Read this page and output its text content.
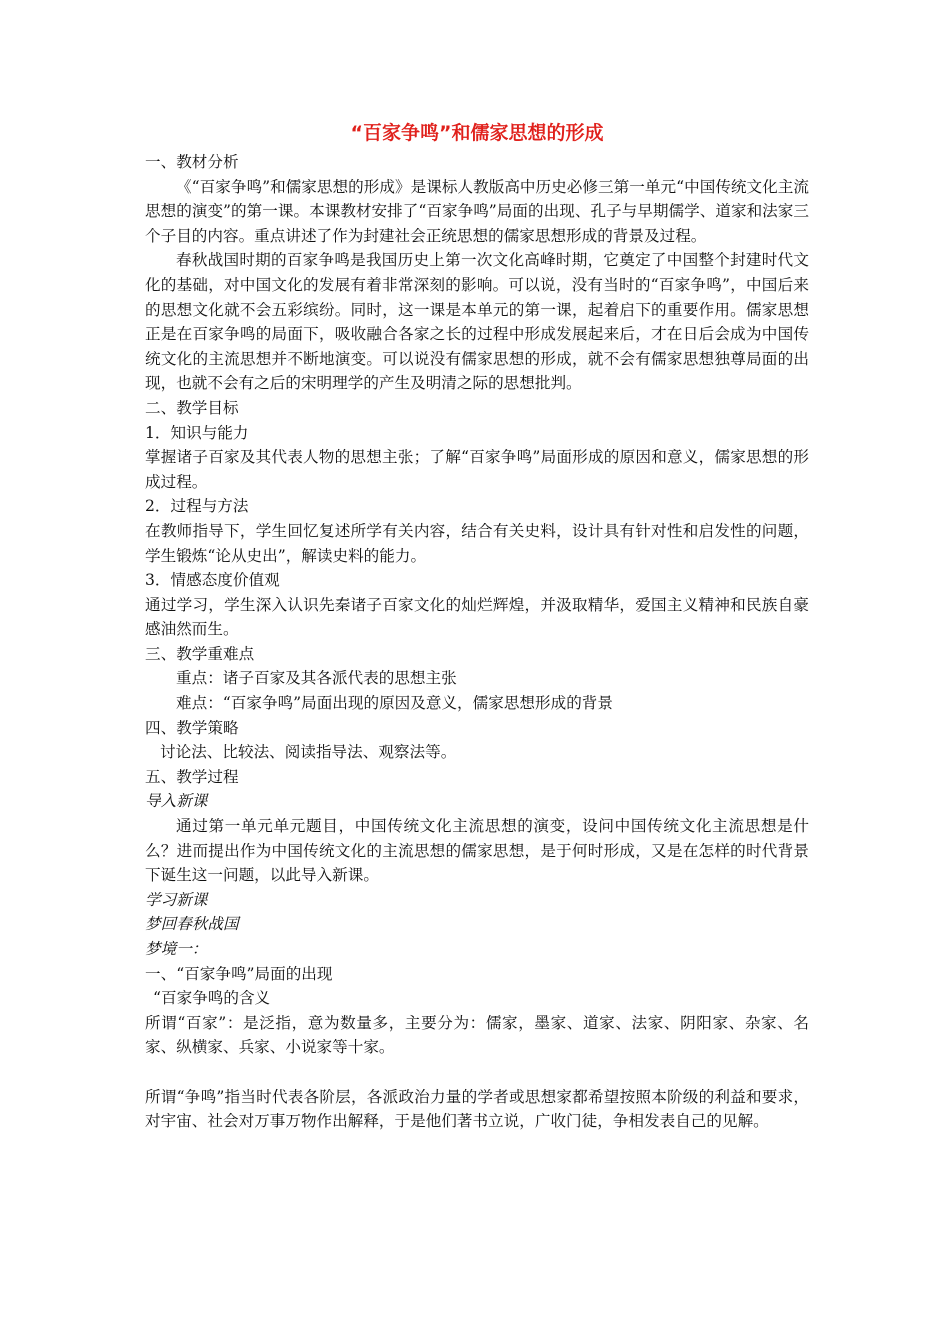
“百家争鸣”和儒家思想的形成

一、教材分析

《“百家争鸣”和儒家思想的形成》是课标人教版高中历史必修三第一单元“中国传统文化主流思想的演变”的第一课。本课教材安排了“百家争鸣”局面的出现、孔子与早期儒学、道家和法家三个子目的内容。重点讲述了作为封建社会正统思想的儒家思想形成的背景及过程。

春秋战国时期的百家争鸣是我国历史上第一次文化高峰时期，它奠定了中国整个封建时代文化的基础，对中国文化的发展有着非常深刻的影响。可以说，没有当时的“百家争鸣”，中国后来的思想文化就不会五彩缤纷。同时，这一课是本单元的第一课，起着启下的重要作用。儒家思想正是在百家争鸣的局面下，吸收融合各家之长的过程中形成发展起来后，才在日后会成为中国传统文化的主流思想并不断地演变。可以说没有儒家思想的形成，就不会有儒家思想独尊局面的出现，也就不会有之后的宋明理学的产生及明清之际的思想批判。

二、教学目标

1．知识与能力

掌握诸子百家及其代表人物的思想主张；了解“百家争鸣”局面形成的原因和意义，儒家思想的形成过程。

2．过程与方法

在教师指导下，学生回忆复述所学有关内容，结合有关史料，设计具有针对性和启发性的问题，学生锻炼“论从史出”，解读史料的能力。

3．情感态度价值观

通过学习，学生深入认识先秦诸子百家文化的灿烂辉煌，并汲取精华，爱国主义精神和民族自豪感油然而生。

三、教学重难点

重点：诸子百家及其各派代表的思想主张

难点：“百家争鸣”局面出现的原因及意义，儒家思想形成的背景

四、教学策略

讨论法、比较法、阅读指导法、观察法等。

五、教学过程

导入新课

通过第一单元单元题目，中国传统文化主流思想的演变，设问中国传统文化主流思想是什么？进而提出作为中国传统文化的主流思想的儒家思想，是于何时形成，又是在怎样的时代背景下诞生这一问题，以此导入新课。

学习新课

梦回春秋战国

梦境一：

一、“百家争鸣”局面的出现

“百家争鸣的含义

所谓“百家”：是泛指，意为数量多，主要分为：儒家，墨家、道家、法家、阴阳家、杂家、名家、纵横家、兵家、小说家等十家。

所谓“争鸣”指当时代表各阶层，各派政治力量的学者或思想家都希望按照本阶级的利益和要求，对宇宙、社会对万事万物作出解释，于是他们著书立说，广收门徒，争相发表自己的见解。
